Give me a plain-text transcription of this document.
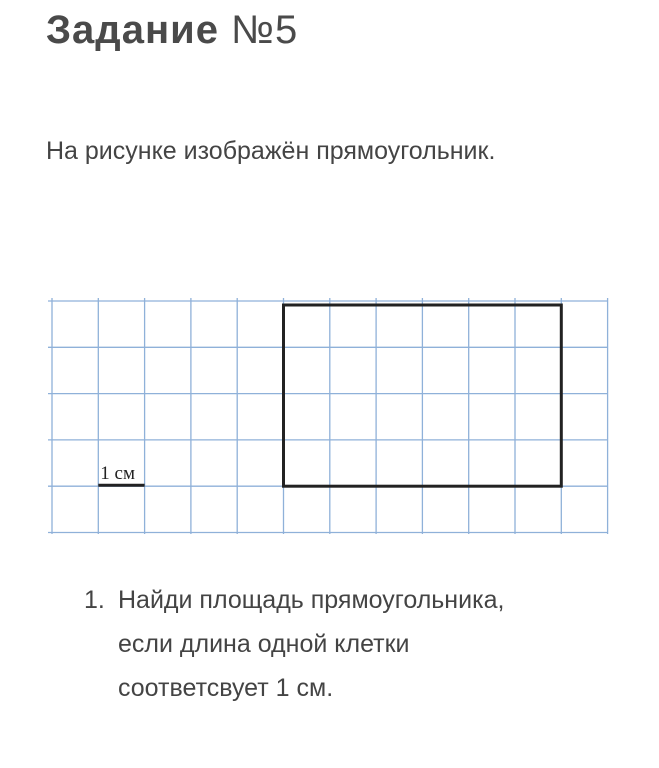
Задание №5
На рисунке изображён прямоугольник.
1 см
1. Найди площадь прямоугольника,
если длина одной клетки
соответсвует 1 см.
